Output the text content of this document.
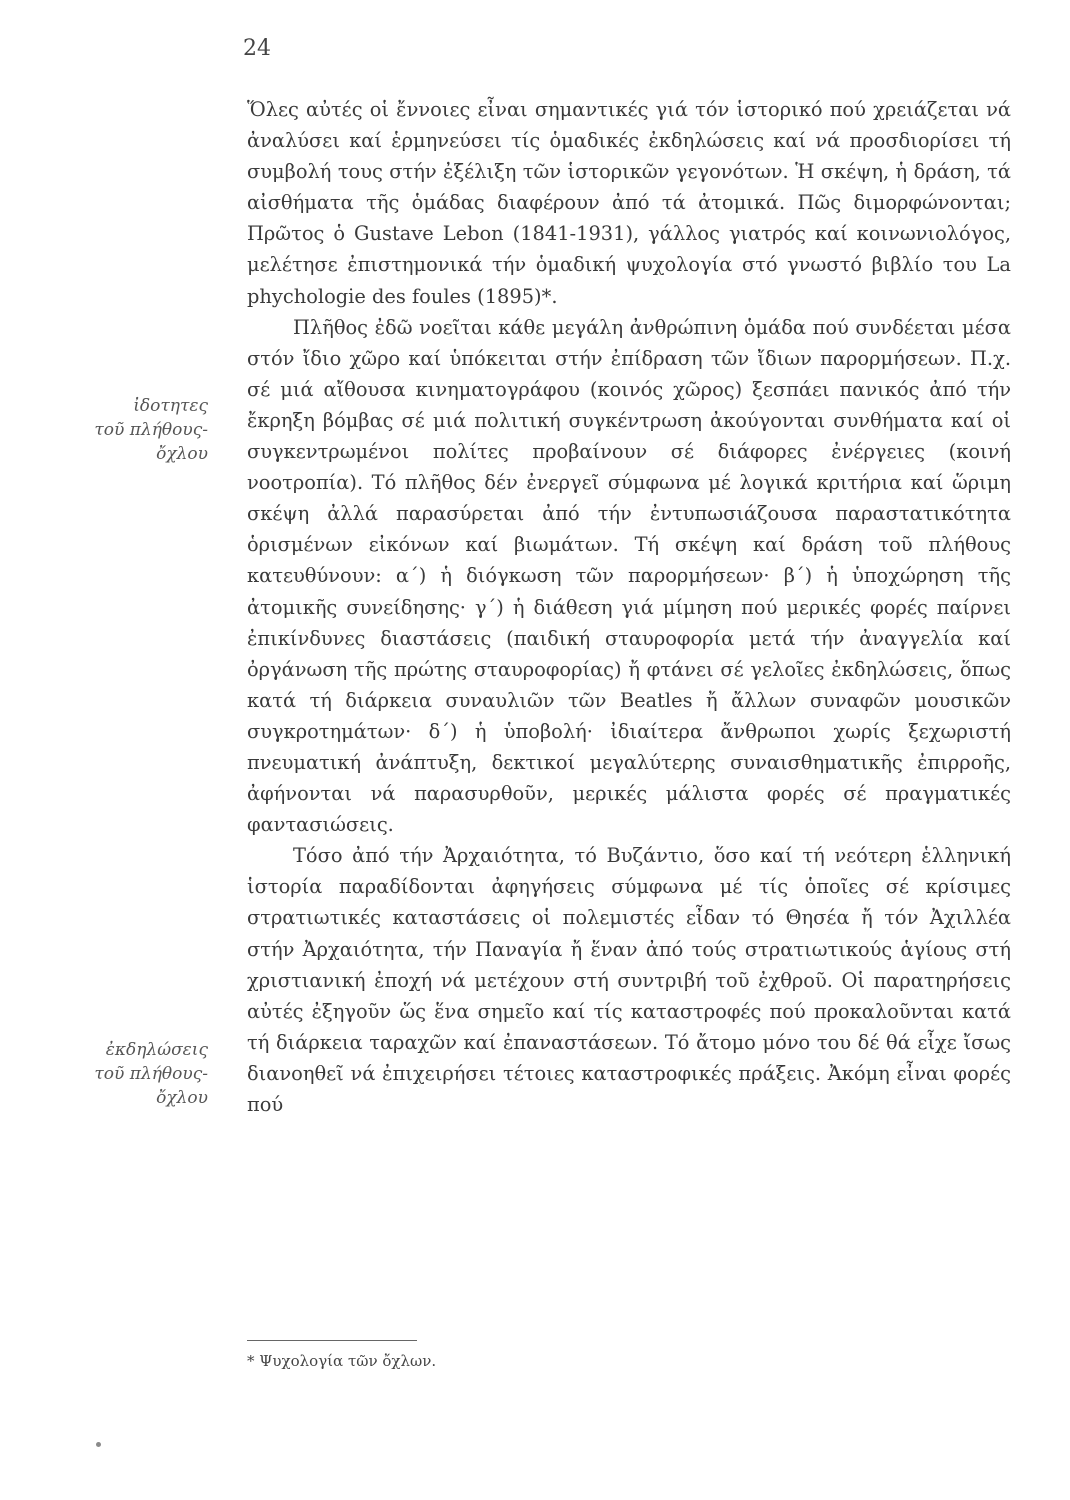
24
ἰδοτητες
τοῦ πλήθους-
ὄχλου
ἐκδηλώσεις
τοῦ πλήθους-
ὄχλου

Ὅλες αὐτές οἱ ἔννοιες εἶναι σημαντικές γιά τόν ἱστορικό πού χρειάζεται νά ἀναλύσει καί ἑρμηνεύσει τίς ὁμαδικές ἐκδηλώσεις καί νά προσδιορίσει τή συμβολή τους στήν ἐξέλιξη τῶν ἱστορικῶν γεγονότων. Ἡ σκέψη, ἡ δράση, τά αἰσθήματα τῆς ὁμάδας διαφέρουν ἀπό τά ἀτομικά. Πῶς διμορφώνονται; Πρῶτος ὁ Gustave Lebon (1841-1931), γάλλος γιατρός καί κοινωνιολόγος, μελέτησε ἐπιστημονικά τήν ὁμαδική ψυχολογία στό γνωστό βιβλίο του La phychologie des foules (1895)*.

Πλῆθος ἐδῶ νοεῖται κάθε μεγάλη ἀνθρώπινη ὁμάδα πού συνδέεται μέσα στόν ἴδιο χῶρο καί ὑπόκειται στήν ἐπίδραση τῶν ἴδιων παρορμήσεων. Π.χ. σέ μιά αἴθουσα κινηματογράφου (κοινός χῶρος) ξεσπάει πανικός ἀπό τήν ἔκρηξη βόμβας σέ μιά πολιτική συγκέντρωση ἀκούγονται συνθήματα καί οἱ συγκεντρωμένοι πολίτες προβαίνουν σέ διάφορες ἐνέργειες (κοινή νοοτροπία). Τό πλῆθος δέν ἐνεργεῖ σύμφωνα μέ λογικά κριτήρια καί ὥριμη σκέψη ἀλλά παρασύρεται ἀπό τήν ἐντυπωσιάζουσα παραστατικότητα ὁρισμένων εἰκόνων καί βιωμάτων. Τή σκέψη καί δράση τοῦ πλήθους κατευθύνουν: α΄) ἡ διόγκωση τῶν παρορμήσεων· β΄) ἡ ὑποχώρηση τῆς ἀτομικῆς συνείδησης· γ΄) ἡ διάθεση γιά μίμηση πού μερικές φορές παίρνει ἐπικίνδυνες διαστάσεις (παιδική σταυροφορία μετά τήν ἀναγγελία καί ὀργάνωση τῆς πρώτης σταυροφορίας) ἤ φτάνει σέ γελοῖες ἐκδηλώσεις, ὅπως κατά τή διάρκεια συναυλιῶν τῶν Beatles ἤ ἄλλων συναφῶν μουσικῶν συγκροτημάτων· δ΄) ἡ ὑποβολή· ἰδιαίτερα ἄνθρωποι χωρίς ξεχωριστή πνευματική ἀνάπτυξη, δεκτικοί μεγαλύτερης συναισθηματικῆς ἐπιρροῆς, ἀφήνονται νά παρασυρθοῦν, μερικές μάλιστα φορές σέ πραγματικές φαντασιώσεις.

Τόσο ἀπό τήν Ἀρχαιότητα, τό Βυζάντιο, ὅσο καί τή νεότερη ἑλληνική ἱστορία παραδίδονται ἀφηγήσεις σύμφωνα μέ τίς ὁποῖες σέ κρίσιμες στρατιωτικές καταστάσεις οἱ πολεμιστές εἶδαν τό Θησέα ἤ τόν Ἀχιλλέα στήν Ἀρχαιότητα, τήν Παναγία ἤ ἕναν ἀπό τούς στρατιωτικούς ἁγίους στή χριστιανική ἐποχή νά μετέχουν στή συντριβή τοῦ ἐχθροῦ. Οἱ παρατηρήσεις αὐτές ἐξηγοῦν ὥς ἕνα σημεῖο καί τίς καταστροφές πού προκαλοῦνται κατά τή διάρκεια ταραχῶν καί ἐπαναστάσεων. Τό ἄτομο μόνο του δέ θά εἶχε ἴσως διανοηθεῖ νά ἐπιχειρήσει τέτοιες καταστροφικές πράξεις. Ἀκόμη εἶναι φορές πού

* Ψυχολογία τῶν ὄχλων.
